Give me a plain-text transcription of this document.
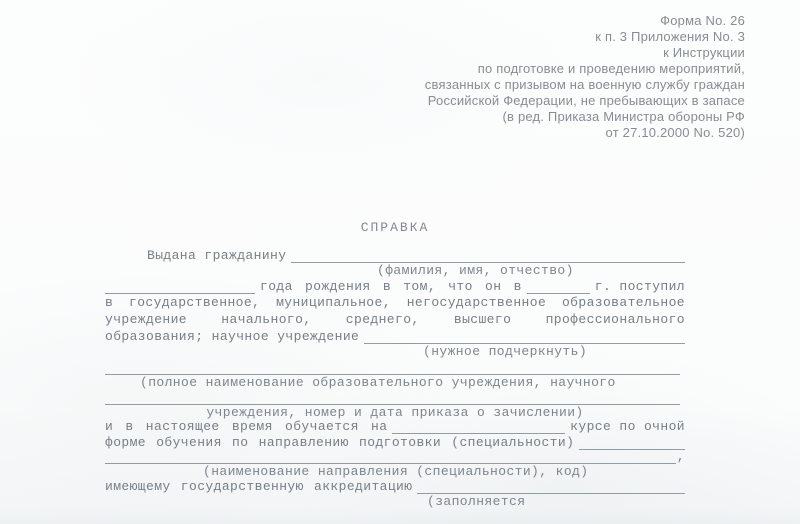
Форма No. 26
к п. 3 Приложения No. 3
к Инструкции
по подготовке и проведению мероприятий,
связанных с призывом на военную службу граждан
Российской Федерации, не пребывающих в запасе
(в ред. Приказа Министра обороны РФ
от 27.10.2000 No. 520)
СПРАВКА
Выдана гражданину
(фамилия, имя, отчество)
года рождения в том, что он в	г. поступил
в государственное, муниципальное, негосударственное образовательное
учреждение начального, среднего, высшего профессионального
образования; научное учреждение
(нужное подчеркнуть)
(полное наименование образовательного учреждения, научного
учреждения, номер и дата приказа о зачислении)
и в настоящее время обучается на	курсе по очной
форме обучения по направлению подготовки (специальности)
,
(наименование направления (специальности), код)
имеющему государственную аккредитацию
(заполняется
